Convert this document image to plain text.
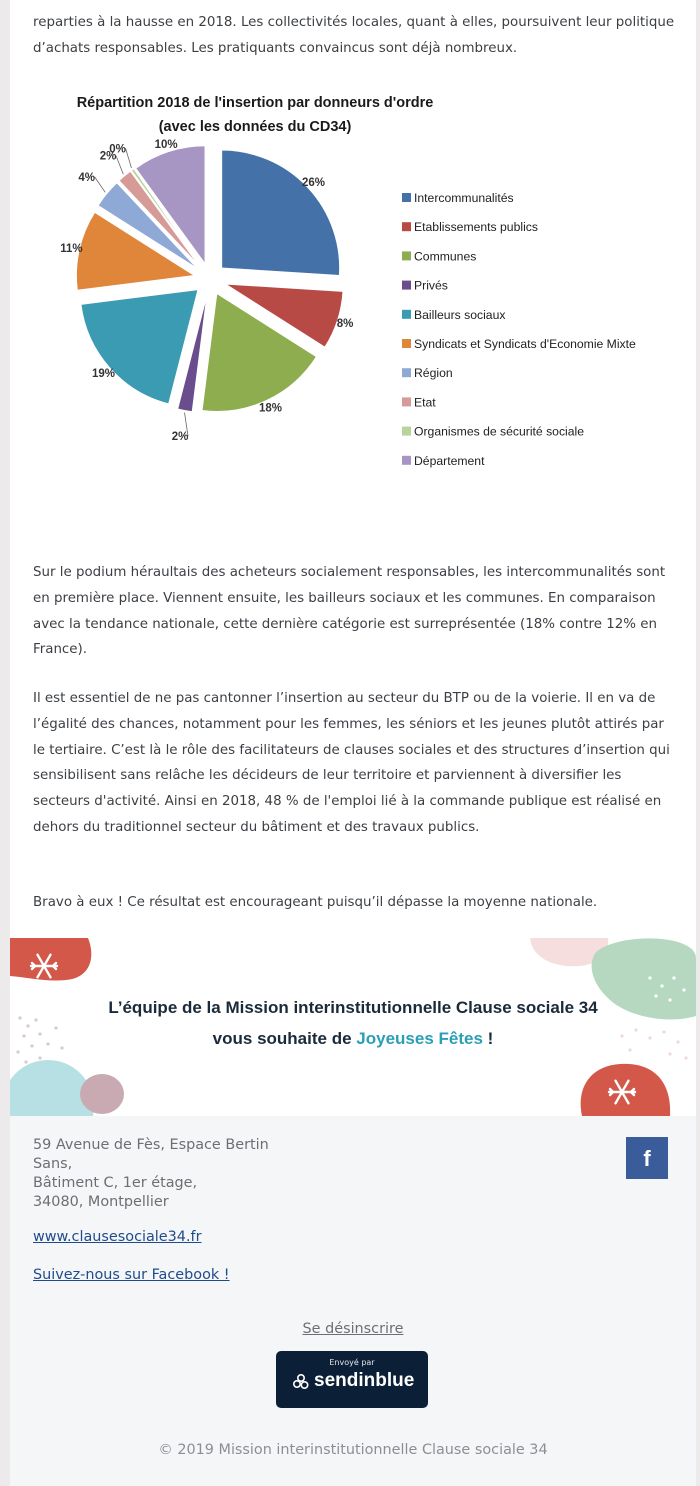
reparties à la hausse en 2018. Les collectivités locales, quant à elles, poursuivent leur politique d’achats responsables. Les pratiquants convaincus sont déjà nombreux.

Répartition 2018 de l'insertion par donneurs d'ordre
(avec les données du CD34)
26%
8%
18%
2%
19%
11%
4%
2%
0% 10%
Intercommunalités
Etablissements publics
Communes
Privés
Bailleurs sociaux
Syndicats et Syndicats d'Economie Mixte
Région
Etat
Organismes de sécurité sociale
Département

Sur le podium héraultais des acheteurs socialement responsables, les intercommunalités sont en première place. Viennent ensuite, les bailleurs sociaux et les communes. En comparaison avec la tendance nationale, cette dernière catégorie est surreprésentée (18% contre 12% en France).

Il est essentiel de ne pas cantonner l’insertion au secteur du BTP ou de la voierie. Il en va de l’égalité des chances, notamment pour les femmes, les séniors et les jeunes plutôt attirés par le tertiaire. C’est là le rôle des facilitateurs de clauses sociales et des structures d’insertion qui sensibilisent sans relâche les décideurs de leur territoire et parviennent à diversifier les secteurs d'activité. Ainsi en 2018, 48 % de l'emploi lié à la commande publique est réalisé en dehors du traditionnel secteur du bâtiment et des travaux publics.

Bravo à eux ! Ce résultat est encourageant puisqu’il dépasse la moyenne nationale.

L’équipe de la Mission interinstitutionnelle Clause sociale 34
vous souhaite de Joyeuses Fêtes !
59 Avenue de Fès, Espace Bertin
Sans,
Bâtiment C, 1er étage,
34080, Montpellier
f
www.clausesociale34.fr
Suivez-nous sur Facebook !
Se désinscrire
Envoyé par
sendinblue
© 2019 Mission interinstitutionnelle Clause sociale 34
